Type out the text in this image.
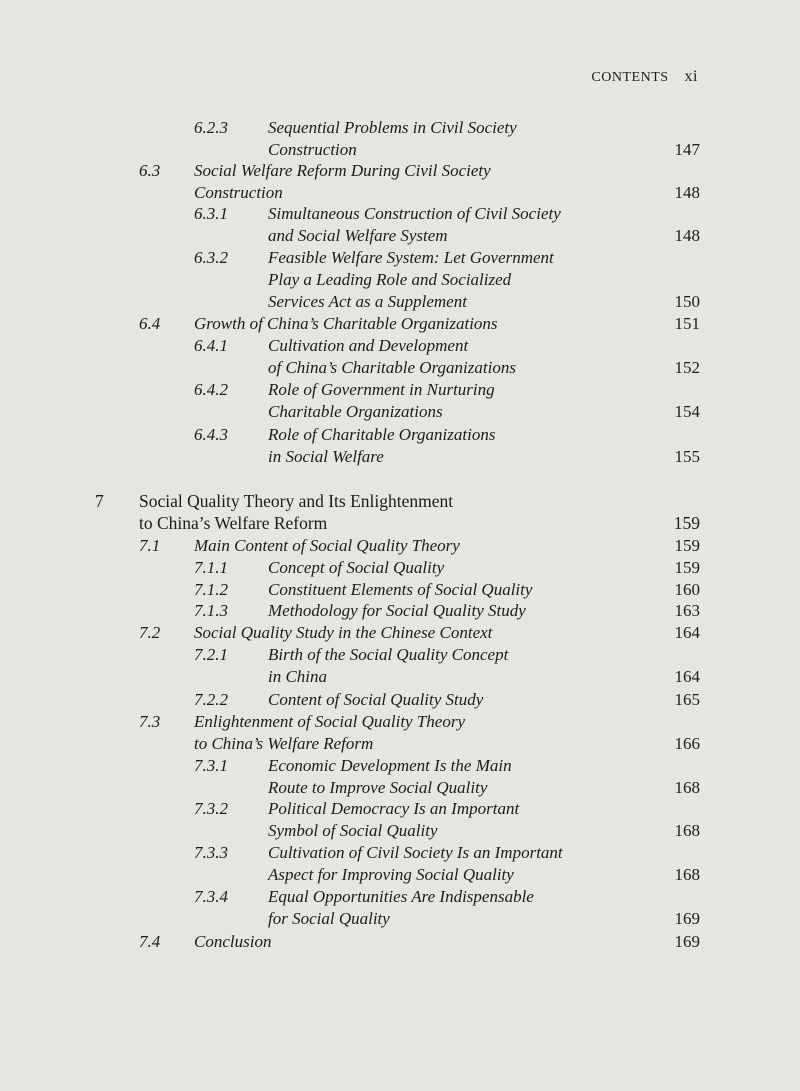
CONTENTS xi
6.2.3 Sequential Problems in Civil Society
Construction	147
6.3 Social Welfare Reform During Civil Society
Construction	148
6.3.1 Simultaneous Construction of Civil Society
and Social Welfare System	148
6.3.2 Feasible Welfare System: Let Government
Play a Leading Role and Socialized
Services Act as a Supplement	150
6.4 Growth of China’s Charitable Organizations	151
6.4.1 Cultivation and Development
of China’s Charitable Organizations	152
6.4.2 Role of Government in Nurturing
Charitable Organizations	154
6.4.3 Role of Charitable Organizations
in Social Welfare	155
7 Social Quality Theory and Its Enlightenment
to China’s Welfare Reform	159
7.1 Main Content of Social Quality Theory	159
7.1.1 Concept of Social Quality	159
7.1.2 Constituent Elements of Social Quality	160
7.1.3 Methodology for Social Quality Study	163
7.2 Social Quality Study in the Chinese Context	164
7.2.1 Birth of the Social Quality Concept
in China	164
7.2.2 Content of Social Quality Study	165
7.3 Enlightenment of Social Quality Theory
to China’s Welfare Reform	166
7.3.1 Economic Development Is the Main
Route to Improve Social Quality	168
7.3.2 Political Democracy Is an Important
Symbol of Social Quality	168
7.3.3 Cultivation of Civil Society Is an Important
Aspect for Improving Social Quality	168
7.3.4 Equal Opportunities Are Indispensable
for Social Quality	169
7.4 Conclusion	169
